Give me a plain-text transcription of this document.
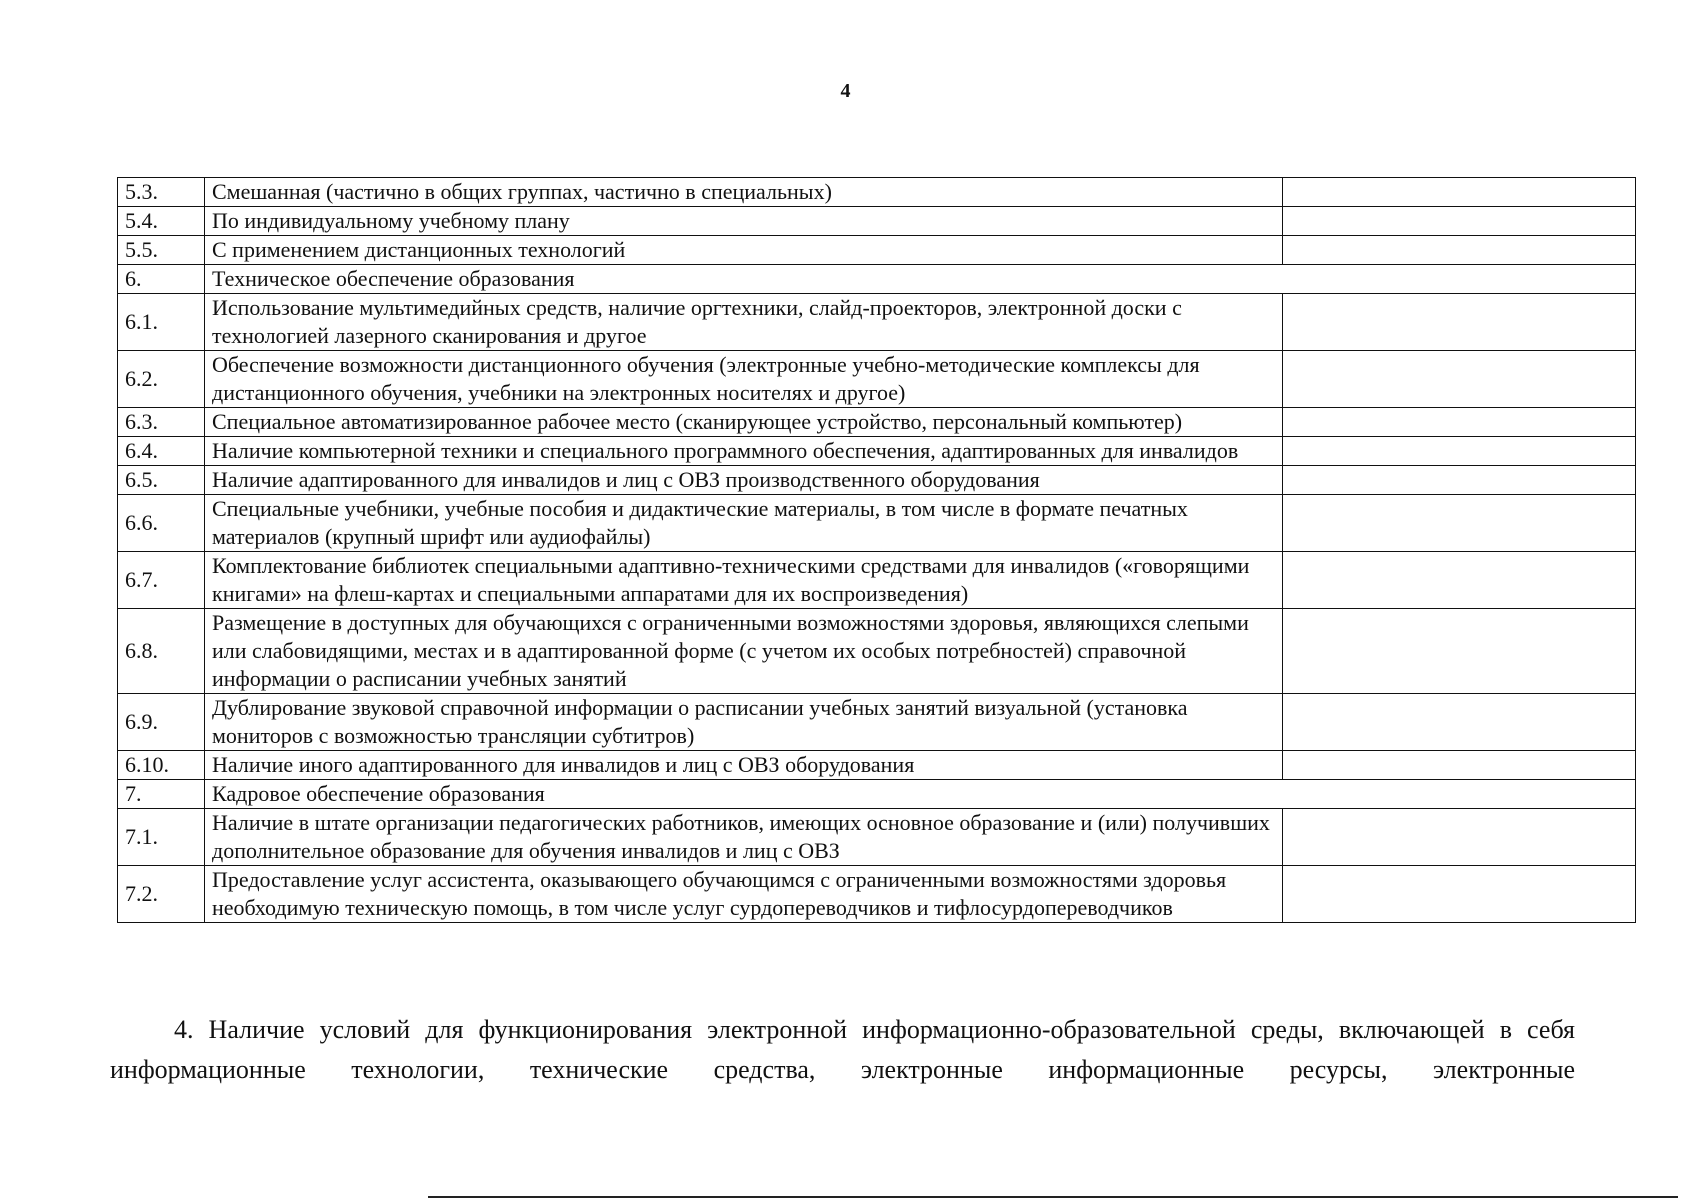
4
5.3.	Смешанная (частично в общих группах, частично в специальных)	
5.4.	По индивидуальному учебному плану	
5.5.	С применением дистанционных технологий	
6.	Техническое обеспечение образования	
6.1.	Использование мультимедийных средств, наличие оргтехники, слайд-проекторов, электронной доски с технологией лазерного сканирования и другое	
6.2.	Обеспечение возможности дистанционного обучения (электронные учебно-методические комплексы для дистанционного обучения, учебники на электронных носителях и другое)	
6.3.	Специальное автоматизированное рабочее место (сканирующее устройство, персональный компьютер)	
6.4.	Наличие компьютерной техники и специального программного обеспечения, адаптированных для инвалидов	
6.5.	Наличие адаптированного для инвалидов и лиц с ОВЗ производственного оборудования	
6.6.	Специальные учебники, учебные пособия и дидактические материалы, в том числе в формате печатных материалов (крупный шрифт или аудиофайлы)	
6.7.	Комплектование библиотек специальными адаптивно-техническими средствами для инвалидов («говорящими книгами» на флеш-картах и специальными аппаратами для их воспроизведения)	
6.8.	Размещение в доступных для обучающихся с ограниченными возможностями здоровья, являющихся слепыми или слабовидящими, местах и в адаптированной форме (с учетом их особых потребностей) справочной информации о расписании учебных занятий	
6.9.	Дублирование звуковой справочной информации о расписании учебных занятий визуальной (установка мониторов с возможностью трансляции субтитров)	
6.10.	Наличие иного адаптированного для инвалидов и лиц с ОВЗ оборудования	
7.	Кадровое обеспечение образования	
7.1.	Наличие в штате организации педагогических работников, имеющих основное образование и (или) получивших дополнительное образование для обучения инвалидов и лиц с ОВЗ	
7.2.	Предоставление услуг ассистента, оказывающего обучающимся с ограниченными возможностями здоровья необходимую техническую помощь, в том числе услуг сурдопереводчиков и тифлосурдопереводчиков	
4. Наличие условий для функционирования электронной информационно-образовательной среды, включающей в себя информационные технологии, технические средства, электронные информационные ресурсы, электронные
